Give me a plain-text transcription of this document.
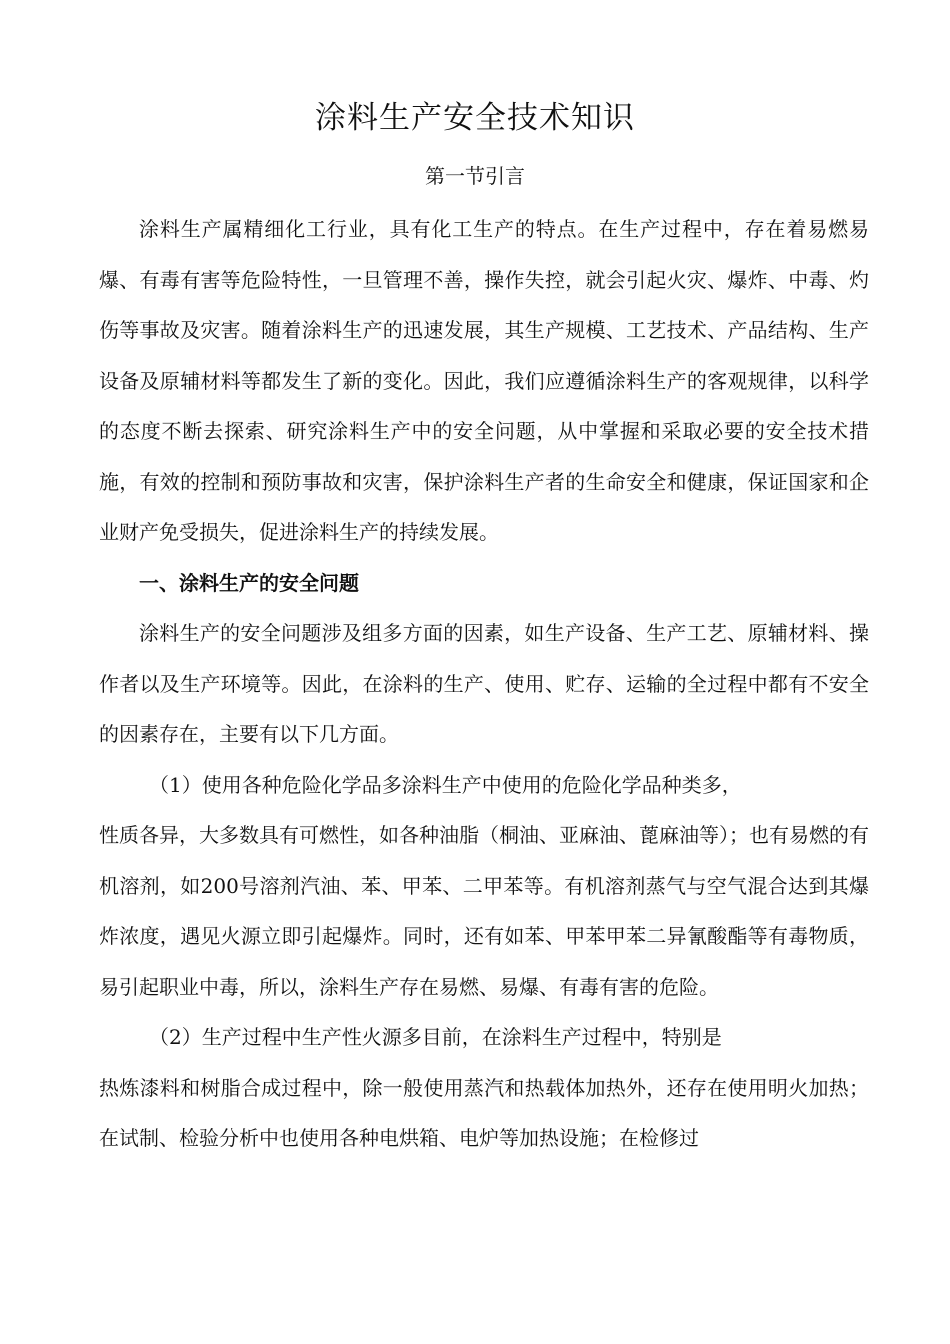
涂料生产安全技术知识
第一节引言

涂料生产属精细化工行业，具有化工生产的特点。在生产过程中，存在着易燃易爆、有毒有害等危险特性，一旦管理不善，操作失控，就会引起火灾、爆炸、中毒、灼伤等事故及灾害。随着涂料生产的迅速发展，其生产规模、工艺技术、产品结构、生产设备及原辅材料等都发生了新的变化。因此，我们应遵循涂料生产的客观规律，以科学的态度不断去探索、研究涂料生产中的安全问题，从中掌握和采取必要的安全技术措施，有效的控制和预防事故和灾害，保护涂料生产者的生命安全和健康，保证国家和企业财产免受损失，促进涂料生产的持续发展。

一、涂料生产的安全问题

涂料生产的安全问题涉及组多方面的因素，如生产设备、生产工艺、原辅材料、操作者以及生产环境等。因此，在涂料的生产、使用、贮存、运输的全过程中都有不安全的因素存在，主要有以下几方面。

（1）使用各种危险化学品多涂料生产中使用的危险化学品种类多，

性质各异，大多数具有可燃性，如各种油脂（桐油、亚麻油、蓖麻油等）；也有易燃的有机溶剂，如200号溶剂汽油、苯、甲苯、二甲苯等。有机溶剂蒸气与空气混合达到其爆炸浓度，遇见火源立即引起爆炸。同时，还有如苯、甲苯甲苯二异氰酸酯等有毒物质，易引起职业中毒，所以，涂料生产存在易燃、易爆、有毒有害的危险。

（2）生产过程中生产性火源多目前，在涂料生产过程中，特别是

热炼漆料和树脂合成过程中，除一般使用蒸汽和热载体加热外，还存在使用明火加热；在试制、检验分析中也使用各种电烘箱、电炉等加热设施；在检修过
